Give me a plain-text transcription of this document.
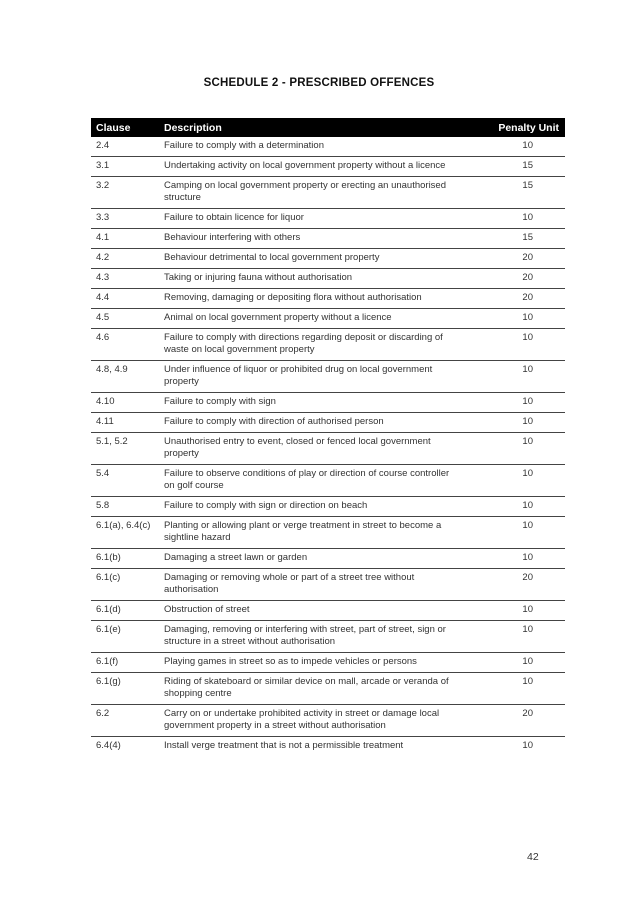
SCHEDULE 2 - PRESCRIBED OFFENCES
Clause	Description	Penalty Unit
2.4	Failure to comply with a determination	10
3.1	Undertaking activity on local government property without a licence	15
3.2	Camping on local government property or erecting an unauthorised structure	15
3.3	Failure to obtain licence for liquor	10
4.1	Behaviour interfering with others	15
4.2	Behaviour detrimental to local government property	20
4.3	Taking or injuring fauna without authorisation	20
4.4	Removing, damaging or depositing flora without authorisation	20
4.5	Animal on local government property without a licence	10
4.6	Failure to comply with directions regarding deposit or discarding of waste on local government property	10
4.8, 4.9	Under influence of liquor or prohibited drug on local government property	10
4.10	Failure to comply with sign	10
4.11	Failure to comply with direction of authorised person	10
5.1, 5.2	Unauthorised entry to event, closed or fenced local government property	10
5.4	Failure to observe conditions of play or direction of course controller on golf course	10
5.8	Failure to comply with sign or direction on beach	10
6.1(a), 6.4(c)	Planting or allowing plant or verge treatment in street to become a sightline hazard	10
6.1(b)	Damaging a street lawn or garden	10
6.1(c)	Damaging or removing whole or part of a street tree without authorisation	20
6.1(d)	Obstruction of street	10
6.1(e)	Damaging, removing or interfering with street, part of street, sign or structure in a street without authorisation	10
6.1(f)	Playing games in street so as to impede vehicles or persons	10
6.1(g)	Riding of skateboard or similar device on mall, arcade or veranda of shopping centre	10
6.2	Carry on or undertake prohibited activity in street or damage local government property in a street without authorisation	20
6.4(4)	Install verge treatment that is not a permissible treatment	10
42
